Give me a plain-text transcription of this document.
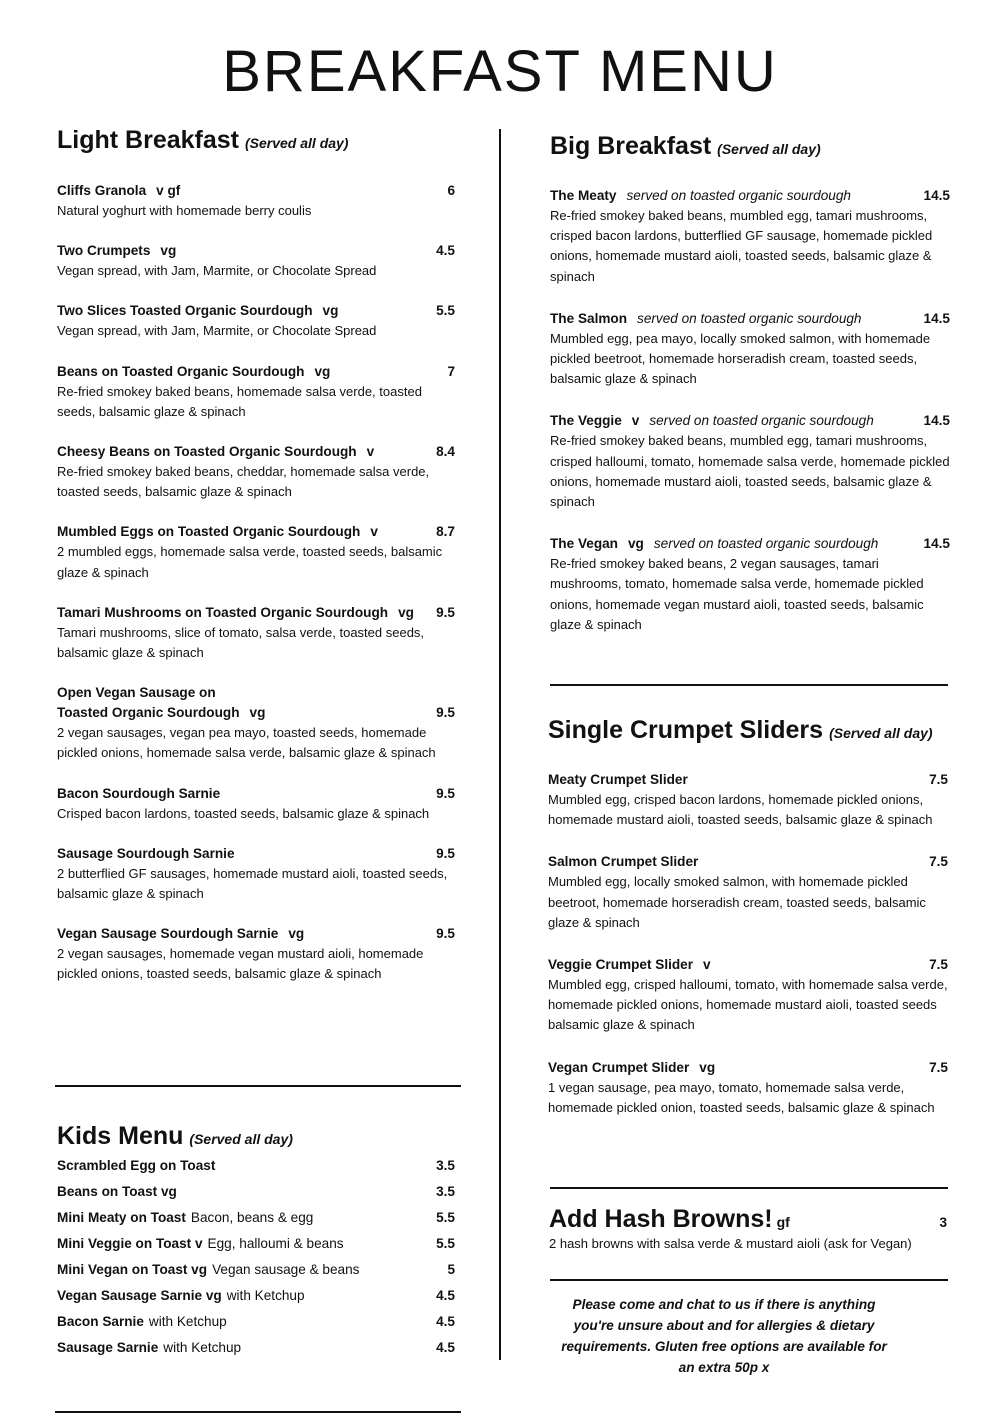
BREAKFAST MENU
Light Breakfast (Served all day)
Cliffs Granola v gf	6
Natural yoghurt with homemade berry coulis
Two Crumpets vg	4.5
Vegan spread, with Jam, Marmite, or Chocolate Spread
Two Slices Toasted Organic Sourdough vg	5.5
Vegan spread, with Jam, Marmite, or Chocolate Spread
Beans on Toasted Organic Sourdough vg	7
Re-fried smokey baked beans, homemade salsa verde, toasted seeds, balsamic glaze & spinach
Cheesy Beans on Toasted Organic Sourdough v	8.4
Re-fried smokey baked beans, cheddar, homemade salsa verde, toasted seeds, balsamic glaze & spinach
Mumbled Eggs on Toasted Organic Sourdough v	8.7
2 mumbled eggs, homemade salsa verde, toasted seeds, balsamic glaze & spinach
Tamari Mushrooms on Toasted Organic Sourdough vg 9.5
Tamari mushrooms, slice of tomato, salsa verde, toasted seeds, balsamic glaze & spinach
Open Vegan Sausage on
Toasted Organic Sourdough vg	9.5
2 vegan sausages, vegan pea mayo, toasted seeds, homemade pickled onions, homemade salsa verde, balsamic glaze & spinach
Bacon Sourdough Sarnie	9.5
Crisped bacon lardons, toasted seeds, balsamic glaze & spinach
Sausage Sourdough Sarnie	9.5
2 butterflied GF sausages, homemade mustard aioli, toasted seeds, balsamic glaze & spinach
Vegan Sausage Sourdough Sarnie vg	9.5
2 vegan sausages, homemade vegan mustard aioli, homemade pickled onions, toasted seeds, balsamic glaze & spinach
Kids Menu (Served all day)
Scrambled Egg on Toast	3.5
Beans on Toast vg	3.5
Mini Meaty on Toast Bacon, beans & egg	5.5
Mini Veggie on Toast v Egg, halloumi & beans	5.5
Mini Vegan on Toast vg Vegan sausage & beans	5
Vegan Sausage Sarnie vg with Ketchup	4.5
Bacon Sarnie with Ketchup	4.5
Sausage Sarnie with Ketchup	4.5
Big Breakfast (Served all day)
The Meaty served on toasted organic sourdough	14.5
Re-fried smokey baked beans, mumbled egg, tamari mushrooms, crisped bacon lardons, butterflied GF sausage, homemade pickled onions, homemade mustard aioli, toasted seeds, balsamic glaze & spinach
The Salmon served on toasted organic sourdough	14.5
Mumbled egg, pea mayo, locally smoked salmon, with homemade pickled beetroot, homemade horseradish cream, toasted seeds, balsamic glaze & spinach
The Veggie v served on toasted organic sourdough	14.5
Re-fried smokey baked beans, mumbled egg, tamari mushrooms, crisped halloumi, tomato, homemade salsa verde, homemade pickled onions, homemade mustard aioli, toasted seeds, balsamic glaze & spinach
The Vegan vg served on toasted organic sourdough	14.5
Re-fried smokey baked beans, 2 vegan sausages, tamari mushrooms, tomato, homemade salsa verde, homemade pickled onions, homemade vegan mustard aioli, toasted seeds, balsamic glaze & spinach
Single Crumpet Sliders (Served all day)
Meaty Crumpet Slider	7.5
Mumbled egg, crisped bacon lardons, homemade pickled onions, homemade mustard aioli, toasted seeds, balsamic glaze & spinach
Salmon Crumpet Slider	7.5
Mumbled egg, locally smoked salmon, with homemade pickled beetroot, homemade horseradish cream, toasted seeds, balsamic glaze & spinach
Veggie Crumpet Slider v	7.5
Mumbled egg, crisped halloumi, tomato, with homemade salsa verde, homemade pickled onions, homemade mustard aioli, toasted seeds balsamic glaze & spinach
Vegan Crumpet Slider vg	7.5
1 vegan sausage, pea mayo, tomato, homemade salsa verde, homemade pickled onion, toasted seeds, balsamic glaze & spinach
Add Hash Browns! gf	3
2 hash browns with salsa verde & mustard aioli (ask for Vegan)
Please come and chat to us if there is anything you're unsure about and for allergies & dietary requirements. Gluten free options are available for an extra 50p x
